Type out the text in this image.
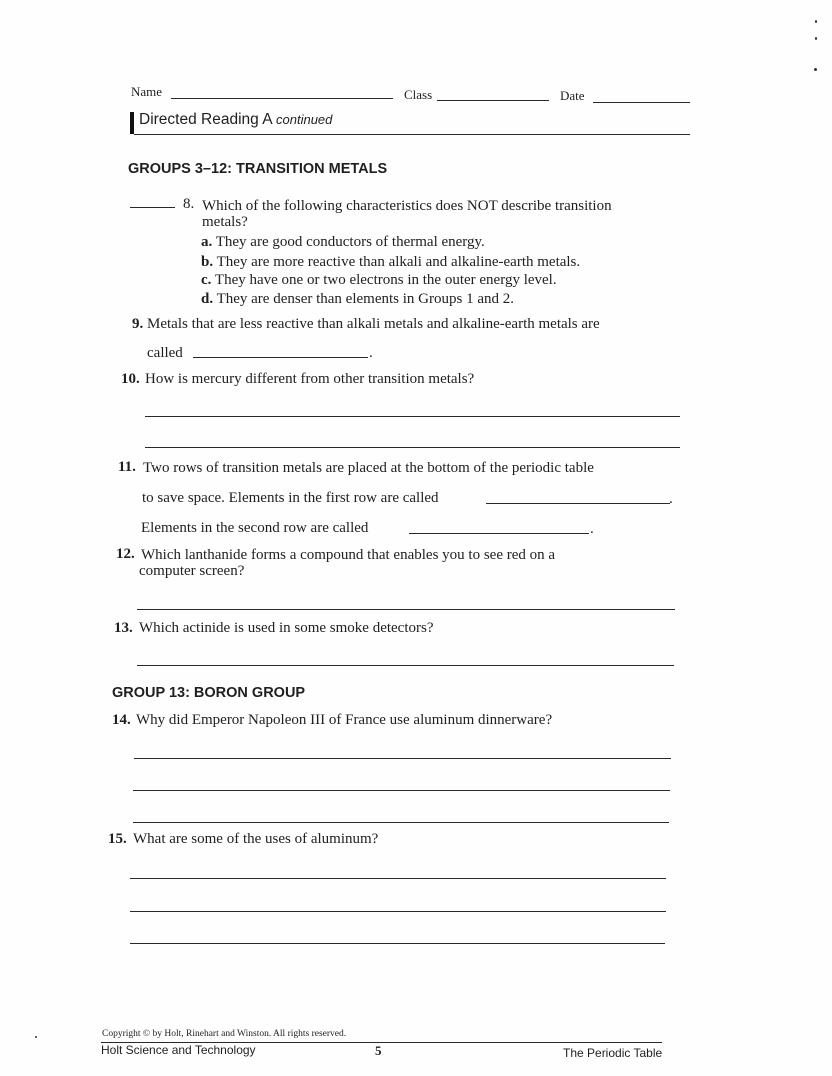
Name	Class	Date
Directed Reading A continued
GROUPS 3–12: TRANSITION METALS
8. Which of the following characteristics does NOT describe transition
metals?
a. They are good conductors of thermal energy.
b. They are more reactive than alkali and alkaline-earth metals.
c. They have one or two electrons in the outer energy level.
d. They are denser than elements in Groups 1 and 2.
9. Metals that are less reactive than alkali metals and alkaline-earth metals are
called	.
10. How is mercury different from other transition metals?
11. Two rows of transition metals are placed at the bottom of the periodic table
to save space. Elements in the first row are called	.
Elements in the second row are called	.
12. Which lanthanide forms a compound that enables you to see red on a
computer screen?
13. Which actinide is used in some smoke detectors?
GROUP 13: BORON GROUP
14. Why did Emperor Napoleon III of France use aluminum dinnerware?
15. What are some of the uses of aluminum?
Copyright © by Holt, Rinehart and Winston. All rights reserved.
Holt Science and Technology	5	The Periodic Table
